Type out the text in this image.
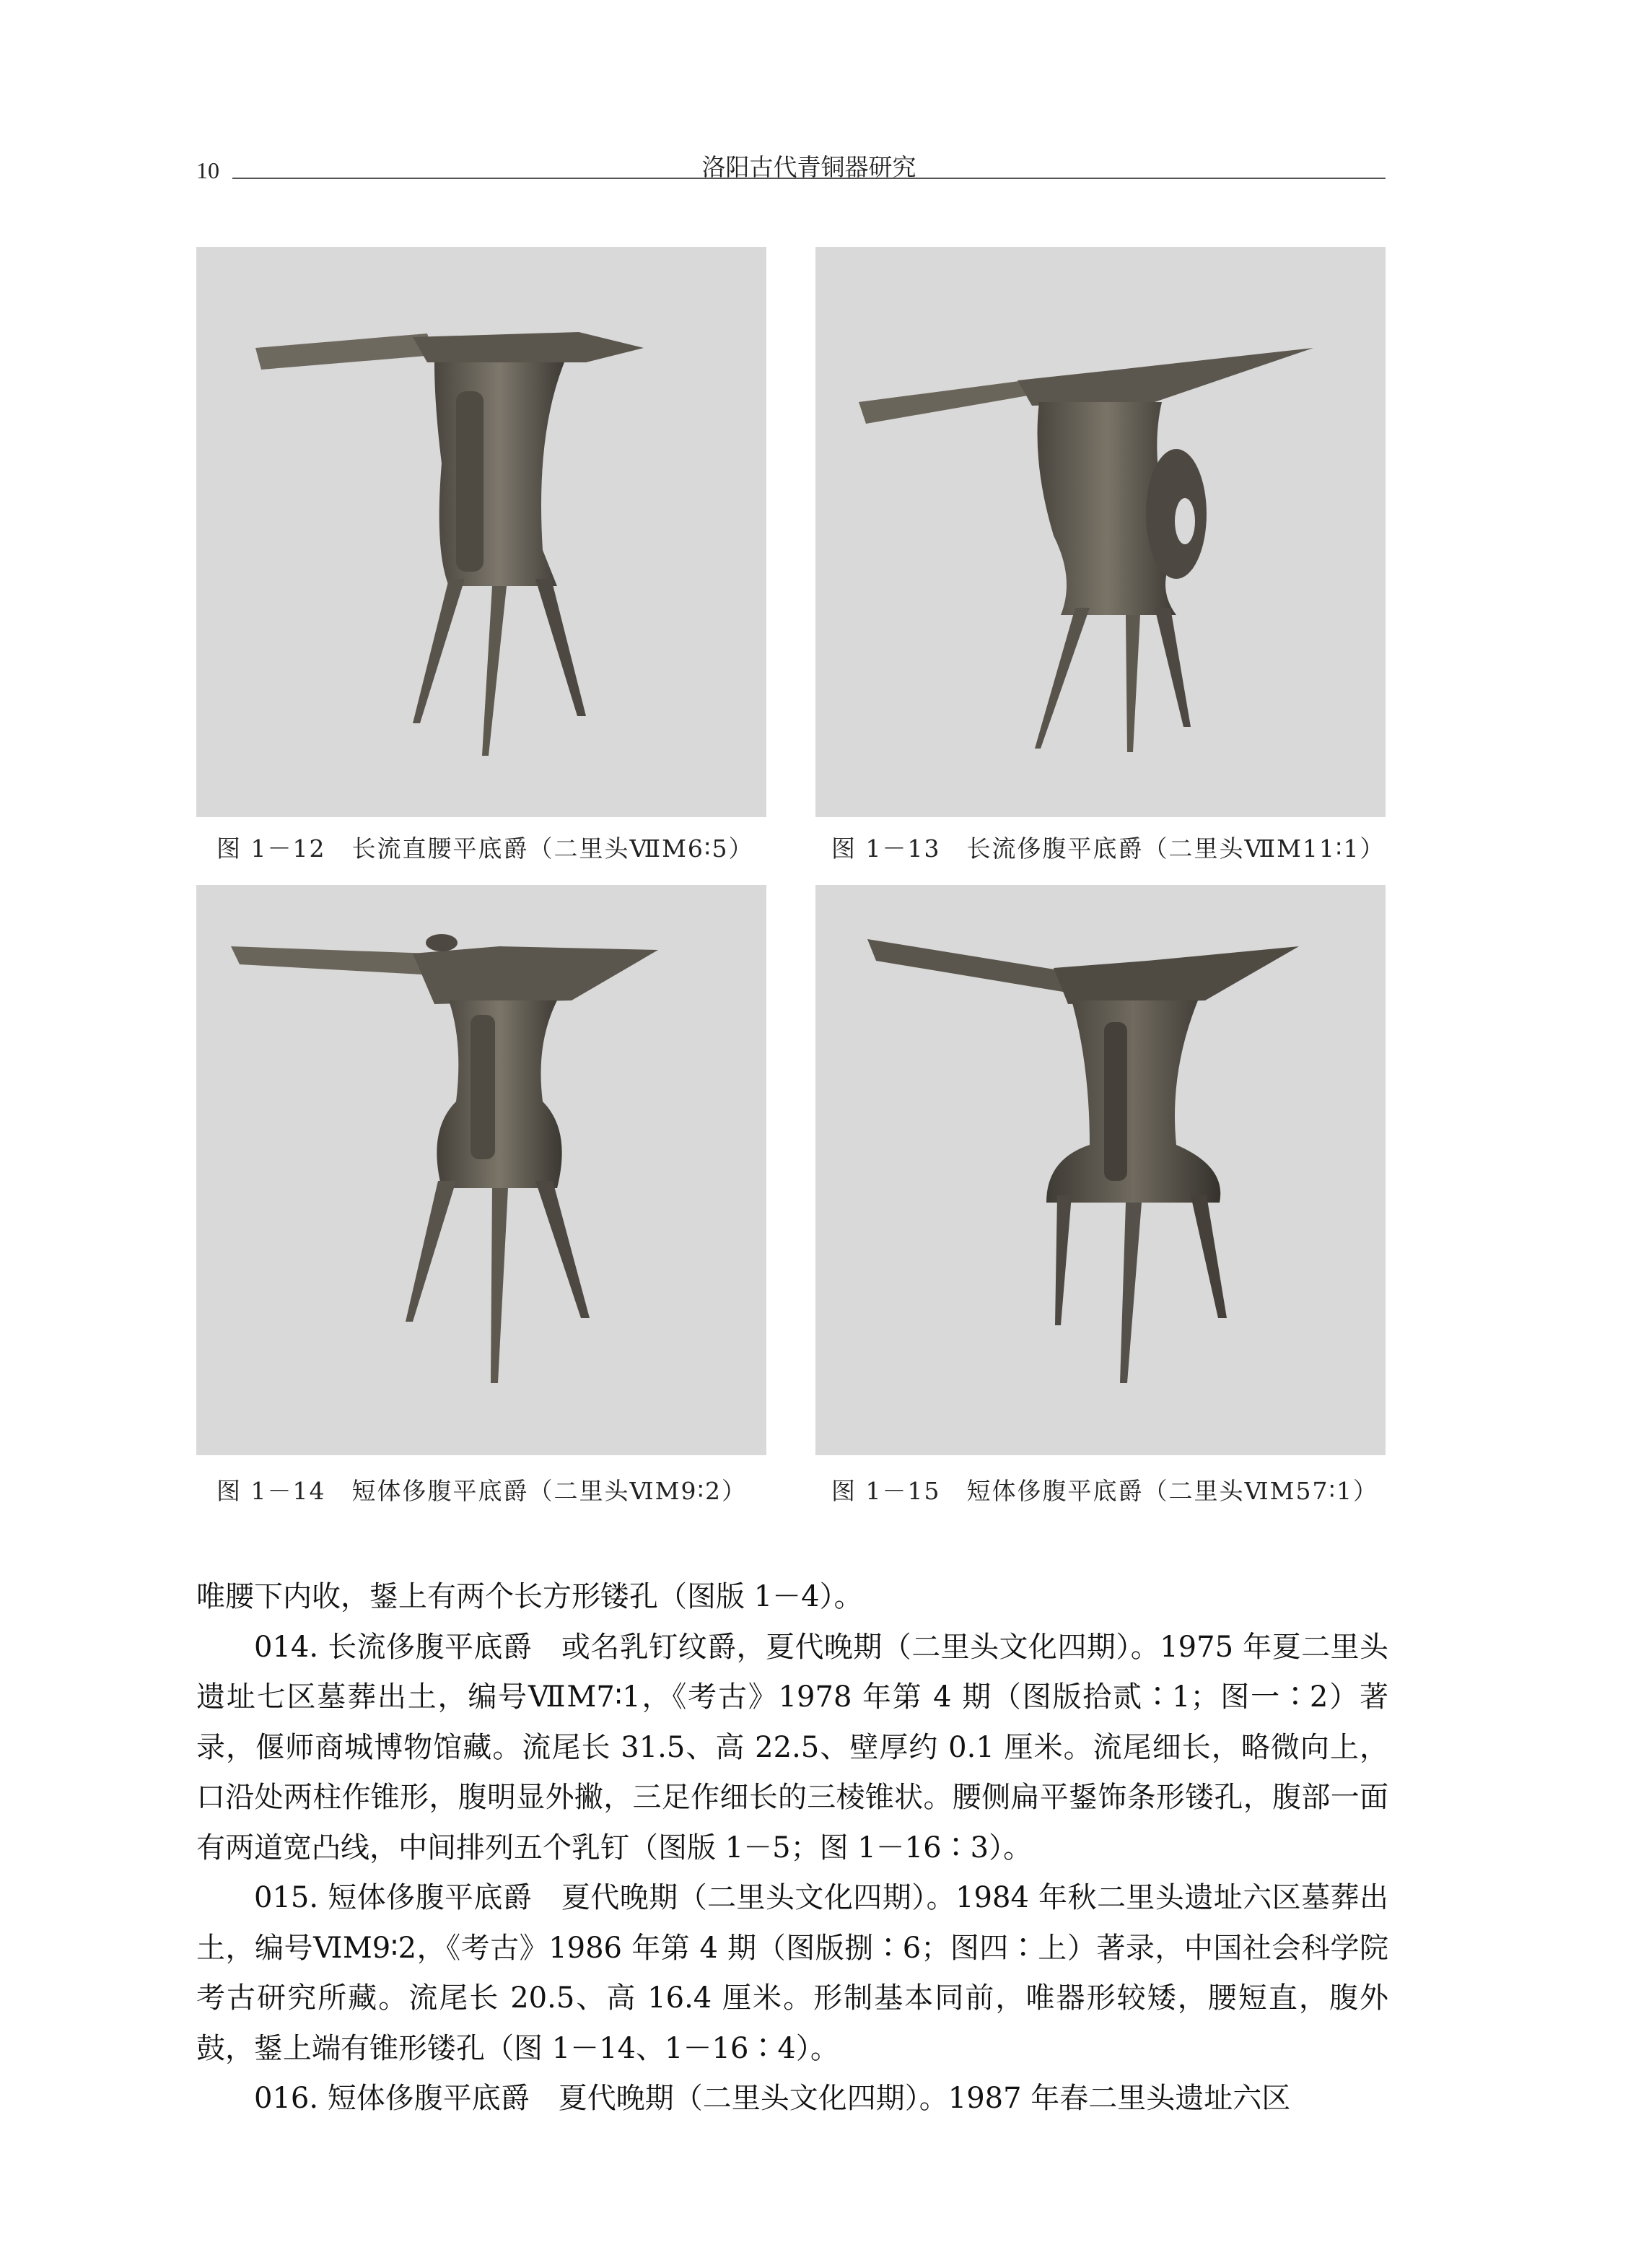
10	洛阳古代青铜器研究
图 1－12 长流直腰平底爵（二里头ⅦM6∶5）	图 1－13 长流侈腹平底爵（二里头ⅦM11∶1）
图 1－14 短体侈腹平底爵（二里头ⅥM9∶2）	图 1－15 短体侈腹平底爵（二里头ⅥM57∶1）

唯腰下内收，鋬上有两个长方形镂孔（图版 1－4）。

014. 长流侈腹平底爵　或名乳钉纹爵，夏代晚期（二里头文化四期）。1975 年夏二里头遗址七区墓葬出土，编号ⅦM7∶1，《考古》1978 年第 4 期（图版拾贰∶1；图一∶2）著录，偃师商城博物馆藏。流尾长 31.5、高 22.5、壁厚约 0.1 厘米。流尾细长，略微向上，口沿处两柱作锥形，腹明显外撇，三足作细长的三棱锥状。腰侧扁平鋬饰条形镂孔，腹部一面有两道宽凸线，中间排列五个乳钉（图版 1－5；图 1－16∶3）。

015. 短体侈腹平底爵　夏代晚期（二里头文化四期）。1984 年秋二里头遗址六区墓葬出土，编号ⅥM9∶2，《考古》1986 年第 4 期（图版捌∶6；图四∶上）著录，中国社会科学院考古研究所藏。流尾长 20.5、高 16.4 厘米。形制基本同前，唯器形较矮，腰短直，腹外鼓，鋬上端有锥形镂孔（图 1－14、1－16∶4）。

016. 短体侈腹平底爵　夏代晚期（二里头文化四期）。1987 年春二里头遗址六区
